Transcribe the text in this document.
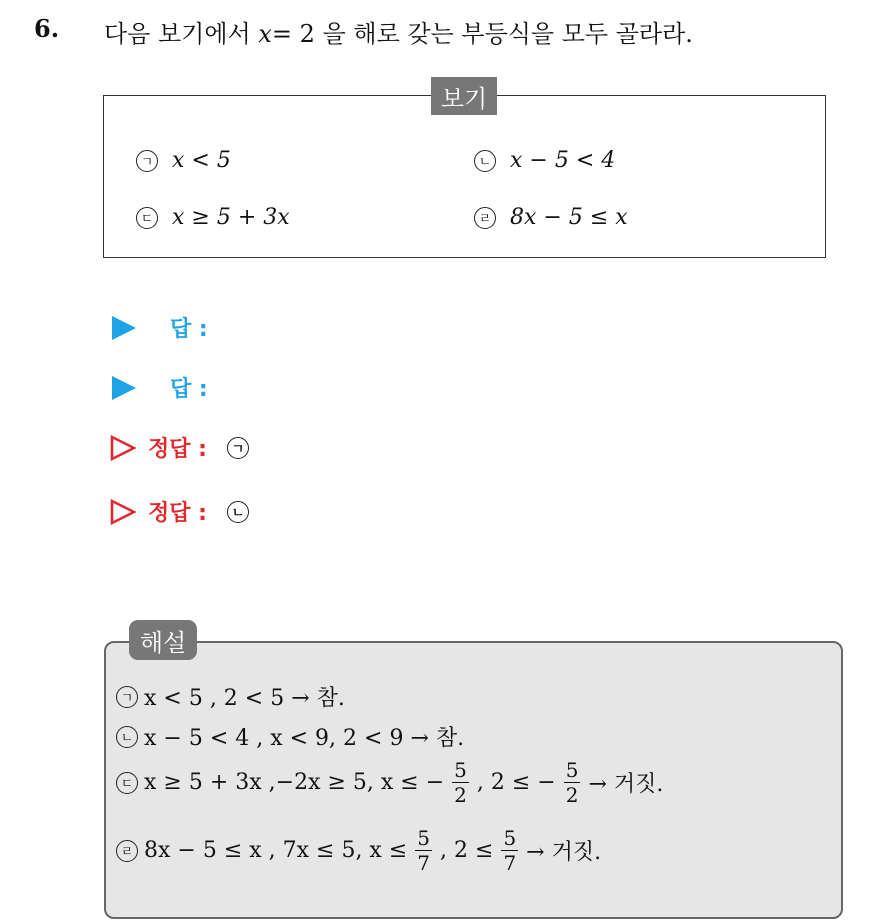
6. 다음 보기에서 x= 2 을 해로 갖는 부등식을 모두 골라라.
보기
ㄱ x < 5	ㄴ x − 5 < 4
ㄷ x ≥ 5 + 3x	ㄹ 8x − 5 ≤ x
답 :
답 :
정답 :	ㄱ
정답 :	ㄴ
해설
ㄱ x < 5 , 2 < 5 → 참.
ㄴ x − 5 < 4 , x < 9, 2 < 9 → 참.
ㄷ x ≥ 5 + 3x ,−2x ≥ 5, x ≤ − $\frac{5}{2}$ , 2 ≤ − $\frac{5}{2}$ → 거짓.
ㄹ 8x − 5 ≤ x , 7x ≤ 5, $x \le \frac{5}{7}$ , $2 \le \frac{5}{7}$ → 거짓.
